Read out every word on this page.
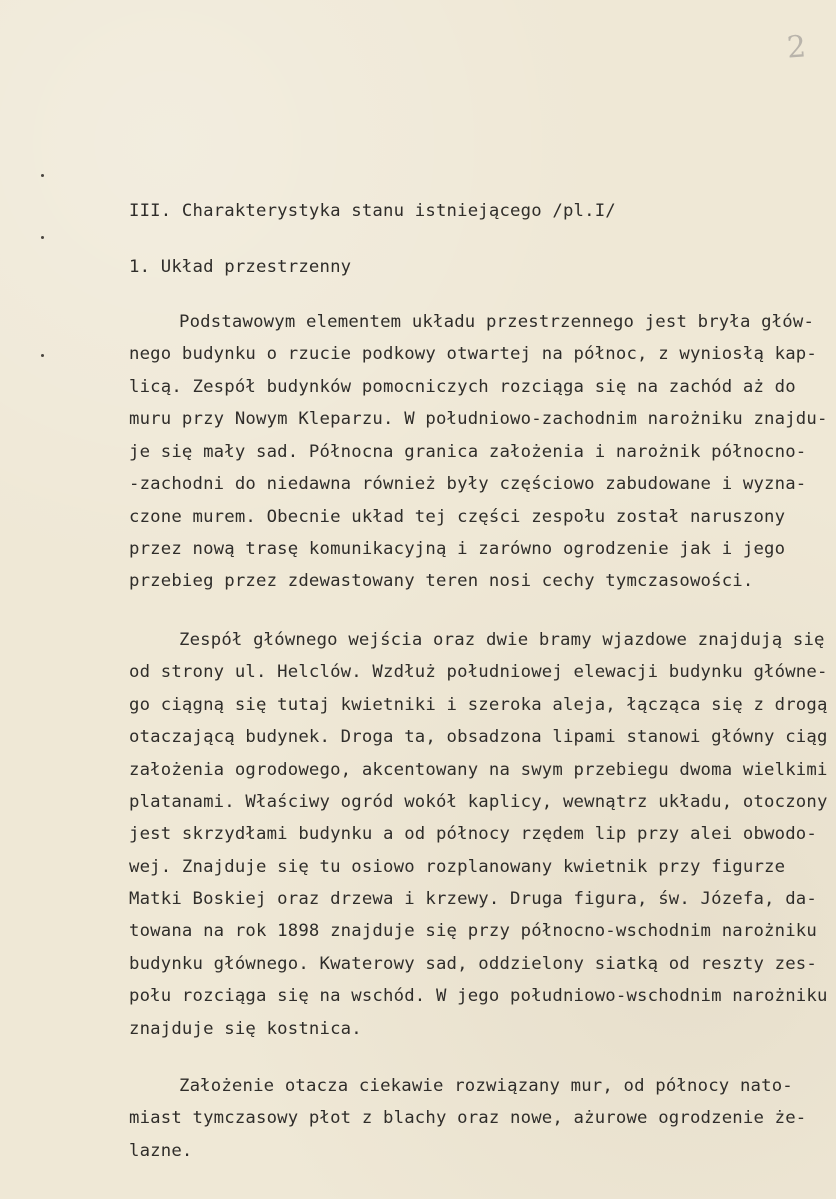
2
III. Charakterystyka stanu istniejącego /pl.I/
1. Układ przestrzenny
Podstawowym elementem układu przestrzennego jest bryła głów-
nego budynku o rzucie podkowy otwartej na północ, z wyniosłą kap-
licą. Zespół budynków pomocniczych rozciąga się na zachód aż do
muru przy Nowym Kleparzu. W południowo-zachodnim narożniku znajdu-
je się mały sad. Północna granica założenia i narożnik północno-
-zachodni do niedawna również były częściowo zabudowane i wyzna-
czone murem. Obecnie układ tej części zespołu został naruszony
przez nową trasę komunikacyjną i zarówno ogrodzenie jak i jego
przebieg przez zdewastowany teren nosi cechy tymczasowości.
Zespół głównego wejścia oraz dwie bramy wjazdowe znajdują się
od strony ul. Helclów. Wzdłuż południowej elewacji budynku główne-
go ciągną się tutaj kwietniki i szeroka aleja, łącząca się z drogą
otaczającą budynek. Droga ta, obsadzona lipami stanowi główny ciąg
założenia ogrodowego, akcentowany na swym przebiegu dwoma wielkimi
platanami. Właściwy ogród wokół kaplicy, wewnątrz układu, otoczony
jest skrzydłami budynku a od północy rzędem lip przy alei obwodo-
wej. Znajduje się tu osiowo rozplanowany kwietnik przy figurze
Matki Boskiej oraz drzewa i krzewy. Druga figura, św. Józefa, da-
towana na rok 1898 znajduje się przy północno-wschodnim narożniku
budynku głównego. Kwaterowy sad, oddzielony siatką od reszty zes-
połu rozciąga się na wschód. W jego południowo-wschodnim narożniku
znajduje się kostnica.
Założenie otacza ciekawie rozwiązany mur, od północy nato-
miast tymczasowy płot z blachy oraz nowe, ażurowe ogrodzenie że-
lazne.
